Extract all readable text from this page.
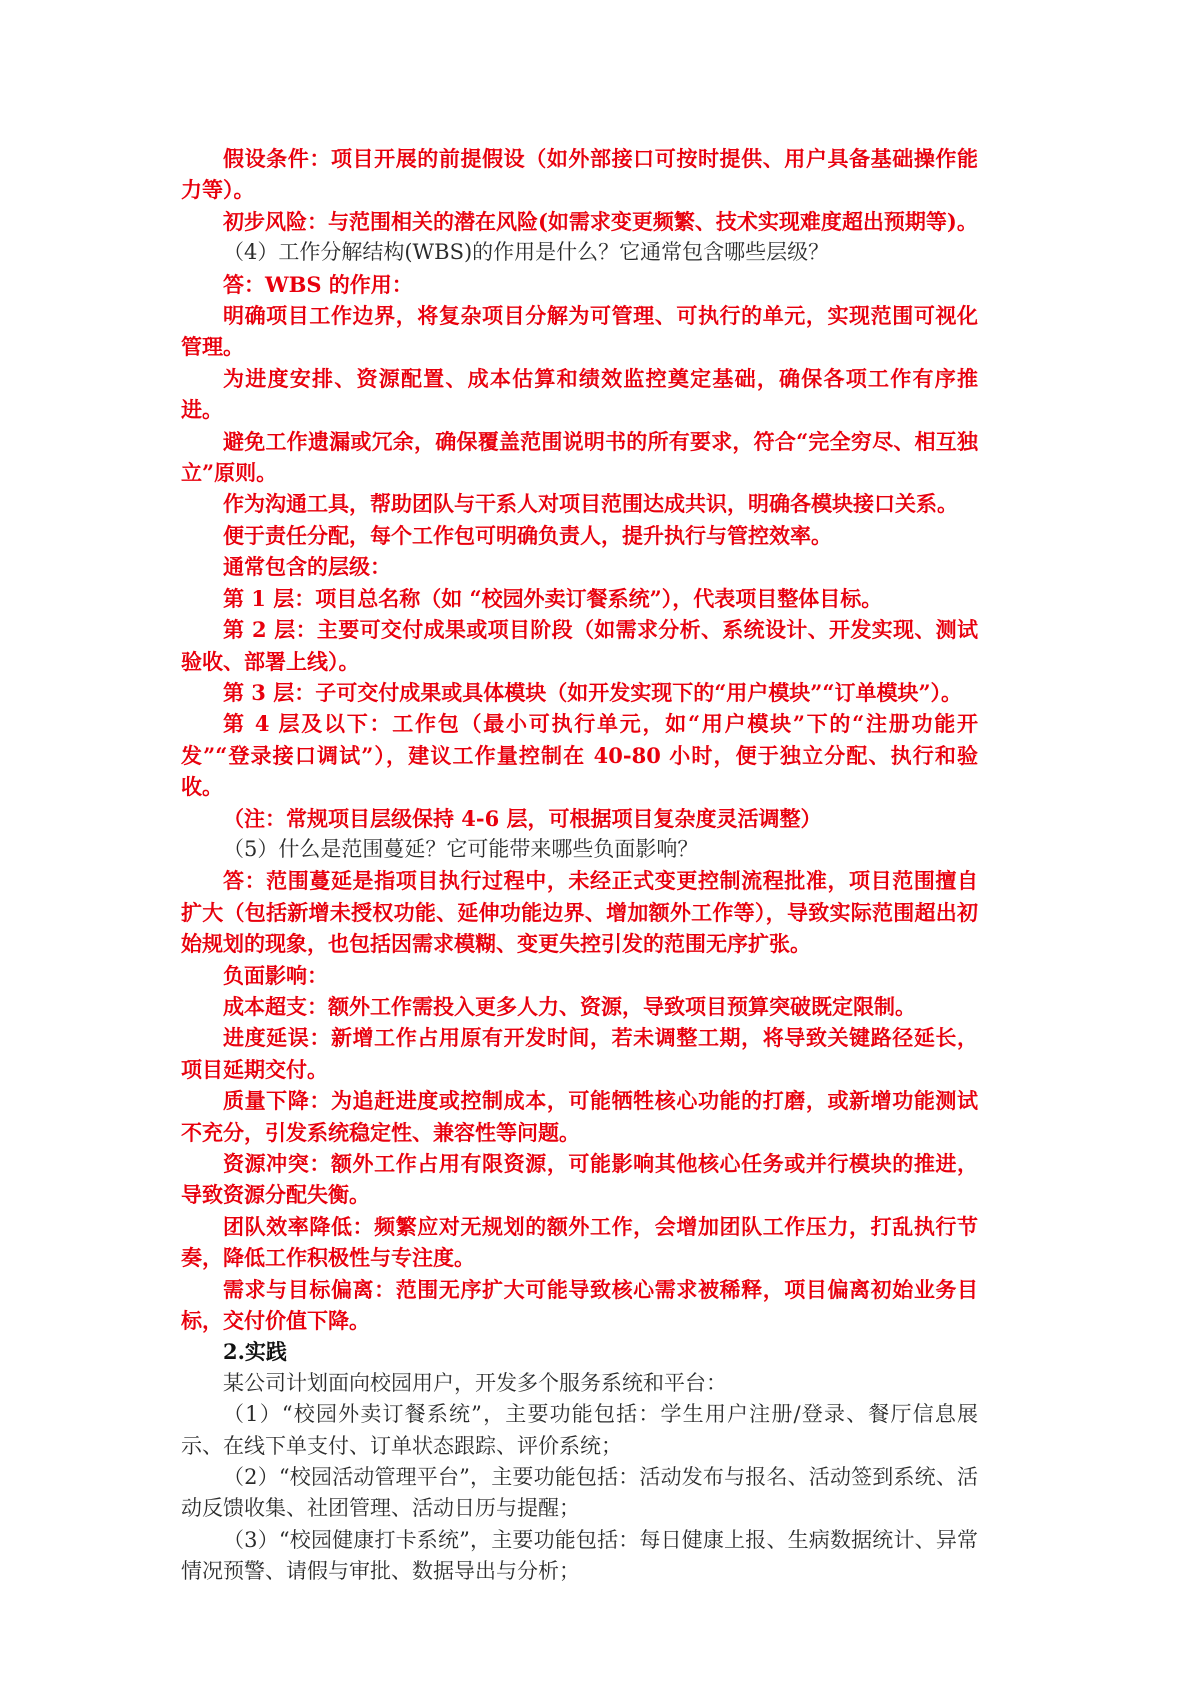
假设条件：项目开展的前提假设（如外部接口可按时提供、用户具备基础操作能力等）。

初步风险：与范围相关的潜在风险(如需求变更频繁、技术实现难度超出预期等)。

（4）工作分解结构(WBS)的作用是什么？它通常包含哪些层级？

答：WBS 的作用：

明确项目工作边界，将复杂项目分解为可管理、可执行的单元，实现范围可视化管理。

为进度安排、资源配置、成本估算和绩效监控奠定基础，确保各项工作有序推进。

避免工作遗漏或冗余，确保覆盖范围说明书的所有要求，符合“完全穷尽、相互独立”原则。

作为沟通工具，帮助团队与干系人对项目范围达成共识，明确各模块接口关系。

便于责任分配，每个工作包可明确负责人，提升执行与管控效率。

通常包含的层级：

第 1 层：项目总名称（如 “校园外卖订餐系统”），代表项目整体目标。

第 2 层：主要可交付成果或项目阶段（如需求分析、系统设计、开发实现、测试验收、部署上线）。

第 3 层：子可交付成果或具体模块（如开发实现下的“用户模块”“订单模块”）。

第 4 层及以下：工作包（最小可执行单元，如“用户模块”下的“注册功能开发”“登录接口调试”），建议工作量控制在 40-80 小时，便于独立分配、执行和验收。

（注：常规项目层级保持 4-6 层，可根据项目复杂度灵活调整）

（5）什么是范围蔓延？它可能带来哪些负面影响？

答：范围蔓延是指项目执行过程中，未经正式变更控制流程批准，项目范围擅自扩大（包括新增未授权功能、延伸功能边界、增加额外工作等），导致实际范围超出初始规划的现象，也包括因需求模糊、变更失控引发的范围无序扩张。

负面影响：

成本超支：额外工作需投入更多人力、资源，导致项目预算突破既定限制。

进度延误：新增工作占用原有开发时间，若未调整工期，将导致关键路径延长，项目延期交付。

质量下降：为追赶进度或控制成本，可能牺牲核心功能的打磨，或新增功能测试不充分，引发系统稳定性、兼容性等问题。

资源冲突：额外工作占用有限资源，可能影响其他核心任务或并行模块的推进，导致资源分配失衡。

团队效率降低：频繁应对无规划的额外工作，会增加团队工作压力，打乱执行节奏，降低工作积极性与专注度。

需求与目标偏离：范围无序扩大可能导致核心需求被稀释，项目偏离初始业务目标，交付价值下降。

2.实践

某公司计划面向校园用户，开发多个服务系统和平台：

（1）“校园外卖订餐系统”，主要功能包括：学生用户注册/登录、餐厅信息展示、在线下单支付、订单状态跟踪、评价系统；

（2）“校园活动管理平台”，主要功能包括：活动发布与报名、活动签到系统、活动反馈收集、社团管理、活动日历与提醒；

（3）“校园健康打卡系统”，主要功能包括：每日健康上报、生病数据统计、异常情况预警、请假与审批、数据导出与分析；
